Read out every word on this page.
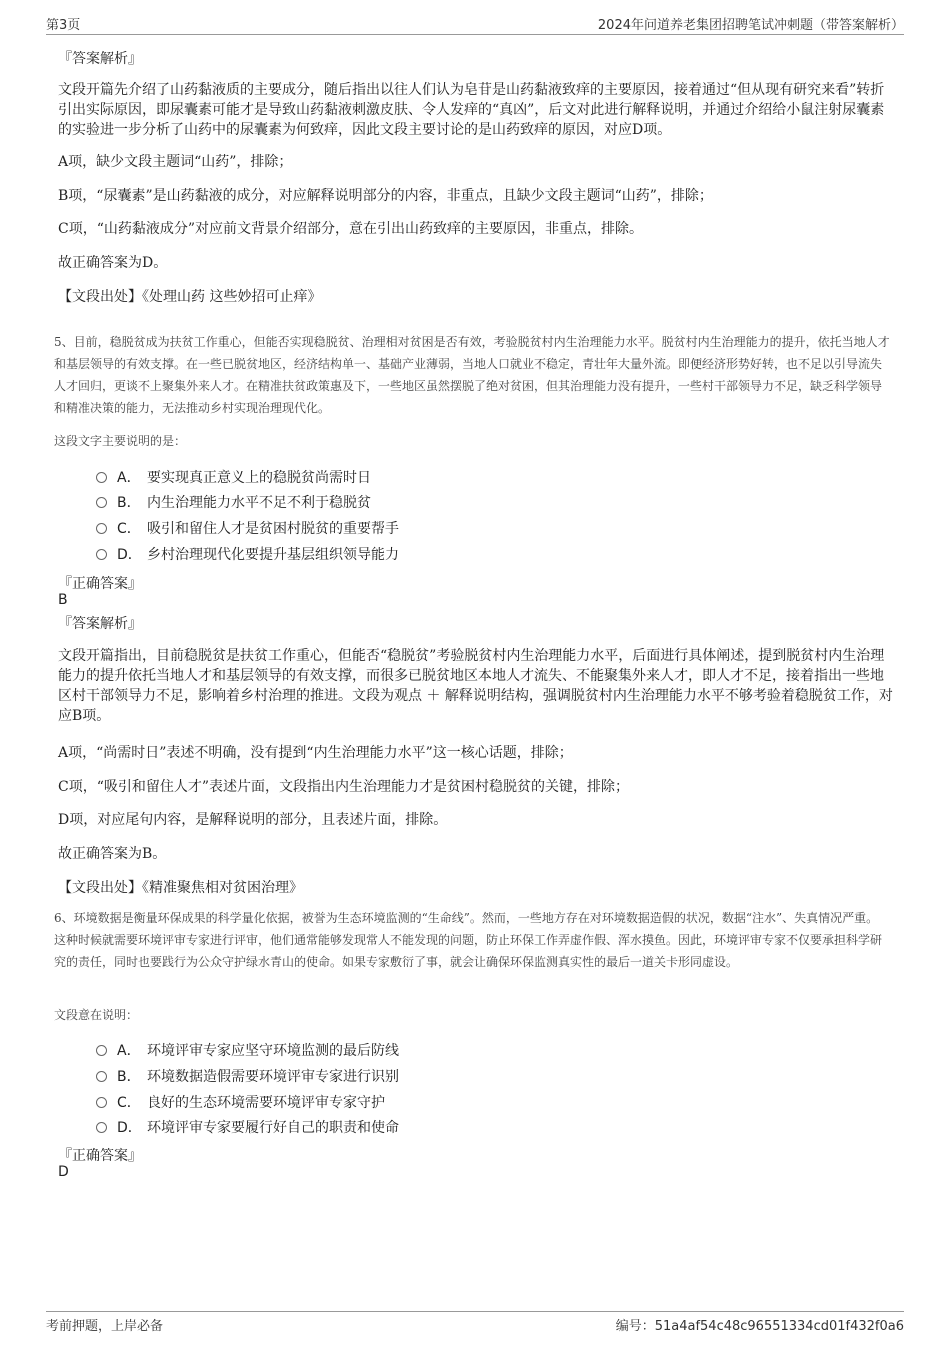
第3页	2024年问道养老集团招聘笔试冲刺题（带答案解析）
『答案解析』
文段开篇先介绍了山药黏液质的主要成分，随后指出以往人们认为皂苷是山药黏液致痒的主要原因，接着通过“但从现有研究来看”转折引出实际原因，即尿囊素可能才是导致山药黏液刺激皮肤、令人发痒的“真凶”，后文对此进行解释说明，并通过介绍给小鼠注射尿囊素的实验进一步分析了山药中的尿囊素为何致痒，因此文段主要讨论的是山药致痒的原因，对应D项。
A项，缺少文段主题词“山药”，排除；
B项，“尿囊素”是山药黏液的成分，对应解释说明部分的内容，非重点，且缺少文段主题词“山药”，排除；
C项，“山药黏液成分”对应前文背景介绍部分，意在引出山药致痒的主要原因，非重点，排除。
故正确答案为D。
【文段出处】《处理山药 这些妙招可止痒》
5、目前，稳脱贫成为扶贫工作重心，但能否实现稳脱贫、治理相对贫困是否有效，考验脱贫村内生治理能力水平。脱贫村内生治理能力的提升，依托当地人才和基层领导的有效支撑。在一些已脱贫地区，经济结构单一、基础产业薄弱，当地人口就业不稳定，青壮年大量外流。即便经济形势好转，也不足以引导流失人才回归，更谈不上聚集外来人才。在精准扶贫政策惠及下，一些地区虽然摆脱了绝对贫困，但其治理能力没有提升，一些村干部领导力不足，缺乏科学领导和精准决策的能力，无法推动乡村实现治理现代化。
这段文字主要说明的是：
A． 要实现真正意义上的稳脱贫尚需时日
B． 内生治理能力水平不足不利于稳脱贫
C． 吸引和留住人才是贫困村脱贫的重要帮手
D． 乡村治理现代化要提升基层组织领导能力
『正确答案』
B
『答案解析』
文段开篇指出，目前稳脱贫是扶贫工作重心，但能否“稳脱贫”考验脱贫村内生治理能力水平，后面进行具体阐述，提到脱贫村内生治理能力的提升依托当地人才和基层领导的有效支撑，而很多已脱贫地区本地人才流失、不能聚集外来人才，即人才不足，接着指出一些地区村干部领导力不足，影响着乡村治理的推进。文段为观点 ＋ 解释说明结构，强调脱贫村内生治理能力水平不够考验着稳脱贫工作，对应B项。
A项，“尚需时日”表述不明确，没有提到“内生治理能力水平”这一核心话题，排除；
C项，“吸引和留住人才”表述片面，文段指出内生治理能力才是贫困村稳脱贫的关键，排除；
D项，对应尾句内容，是解释说明的部分，且表述片面，排除。
故正确答案为B。
【文段出处】《精准聚焦相对贫困治理》
6、环境数据是衡量环保成果的科学量化依据，被誉为生态环境监测的“生命线”。然而，一些地方存在对环境数据造假的状况，数据“注水”、失真情况严重。这种时候就需要环境评审专家进行评审，他们通常能够发现常人不能发现的问题，防止环保工作弄虚作假、浑水摸鱼。因此，环境评审专家不仅要承担科学研究的责任，同时也要践行为公众守护绿水青山的使命。如果专家敷衍了事，就会让确保环保监测真实性的最后一道关卡形同虚设。
文段意在说明：
A． 环境评审专家应坚守环境监测的最后防线
B． 环境数据造假需要环境评审专家进行识别
C． 良好的生态环境需要环境评审专家守护
D． 环境评审专家要履行好自己的职责和使命
『正确答案』
D
考前押题，上岸必备	编号：51a4af54c48c96551334cd01f432f0a6
